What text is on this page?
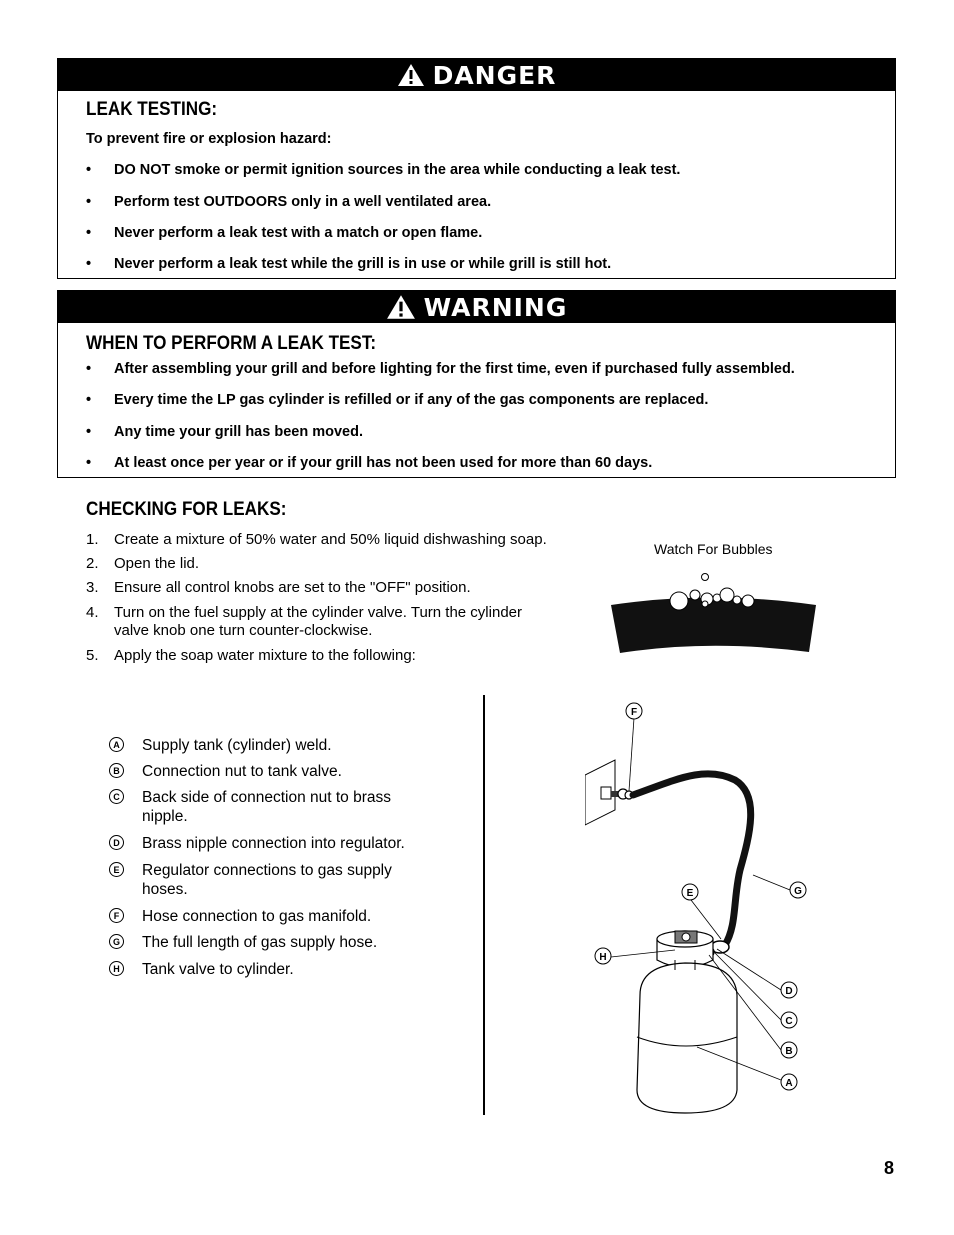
DANGER
LEAK TESTING:
To prevent fire or explosion hazard:
• DO NOT smoke or permit ignition sources in the area while conducting a leak test.
• Perform test OUTDOORS only in a well ventilated area.
• Never perform a leak test with a match or open flame.
• Never perform a leak test while the grill is in use or while grill is still hot.
WARNING
WHEN TO PERFORM A LEAK TEST:
• After assembling your grill and before lighting for the first time, even if purchased fully assembled.
• Every time the LP gas cylinder is refilled or if any of the gas components are replaced.
• Any time your grill has been moved.
• At least once per year or if your grill has not been used for more than 60 days.
CHECKING FOR LEAKS:
1. Create a mixture of 50% water and 50% liquid dishwashing soap.
2. Open the lid.
3. Ensure all control knobs are set to the "OFF" position.
4. Turn on the fuel supply at the cylinder valve. Turn the cylinder valve knob one turn counter-clockwise.
5. Apply the soap water mixture to the following:
Watch For Bubbles
A Supply tank (cylinder) weld.
B Connection nut to tank valve.
C Back side of connection nut to brass nipple.
D Brass nipple connection into regulator.
E Regulator connections to gas supply hoses.
F	Hose connection to gas manifold.
G The full length of gas supply hose.
H Tank valve to cylinder.
F
E	G
H
D
C
B
A
8
